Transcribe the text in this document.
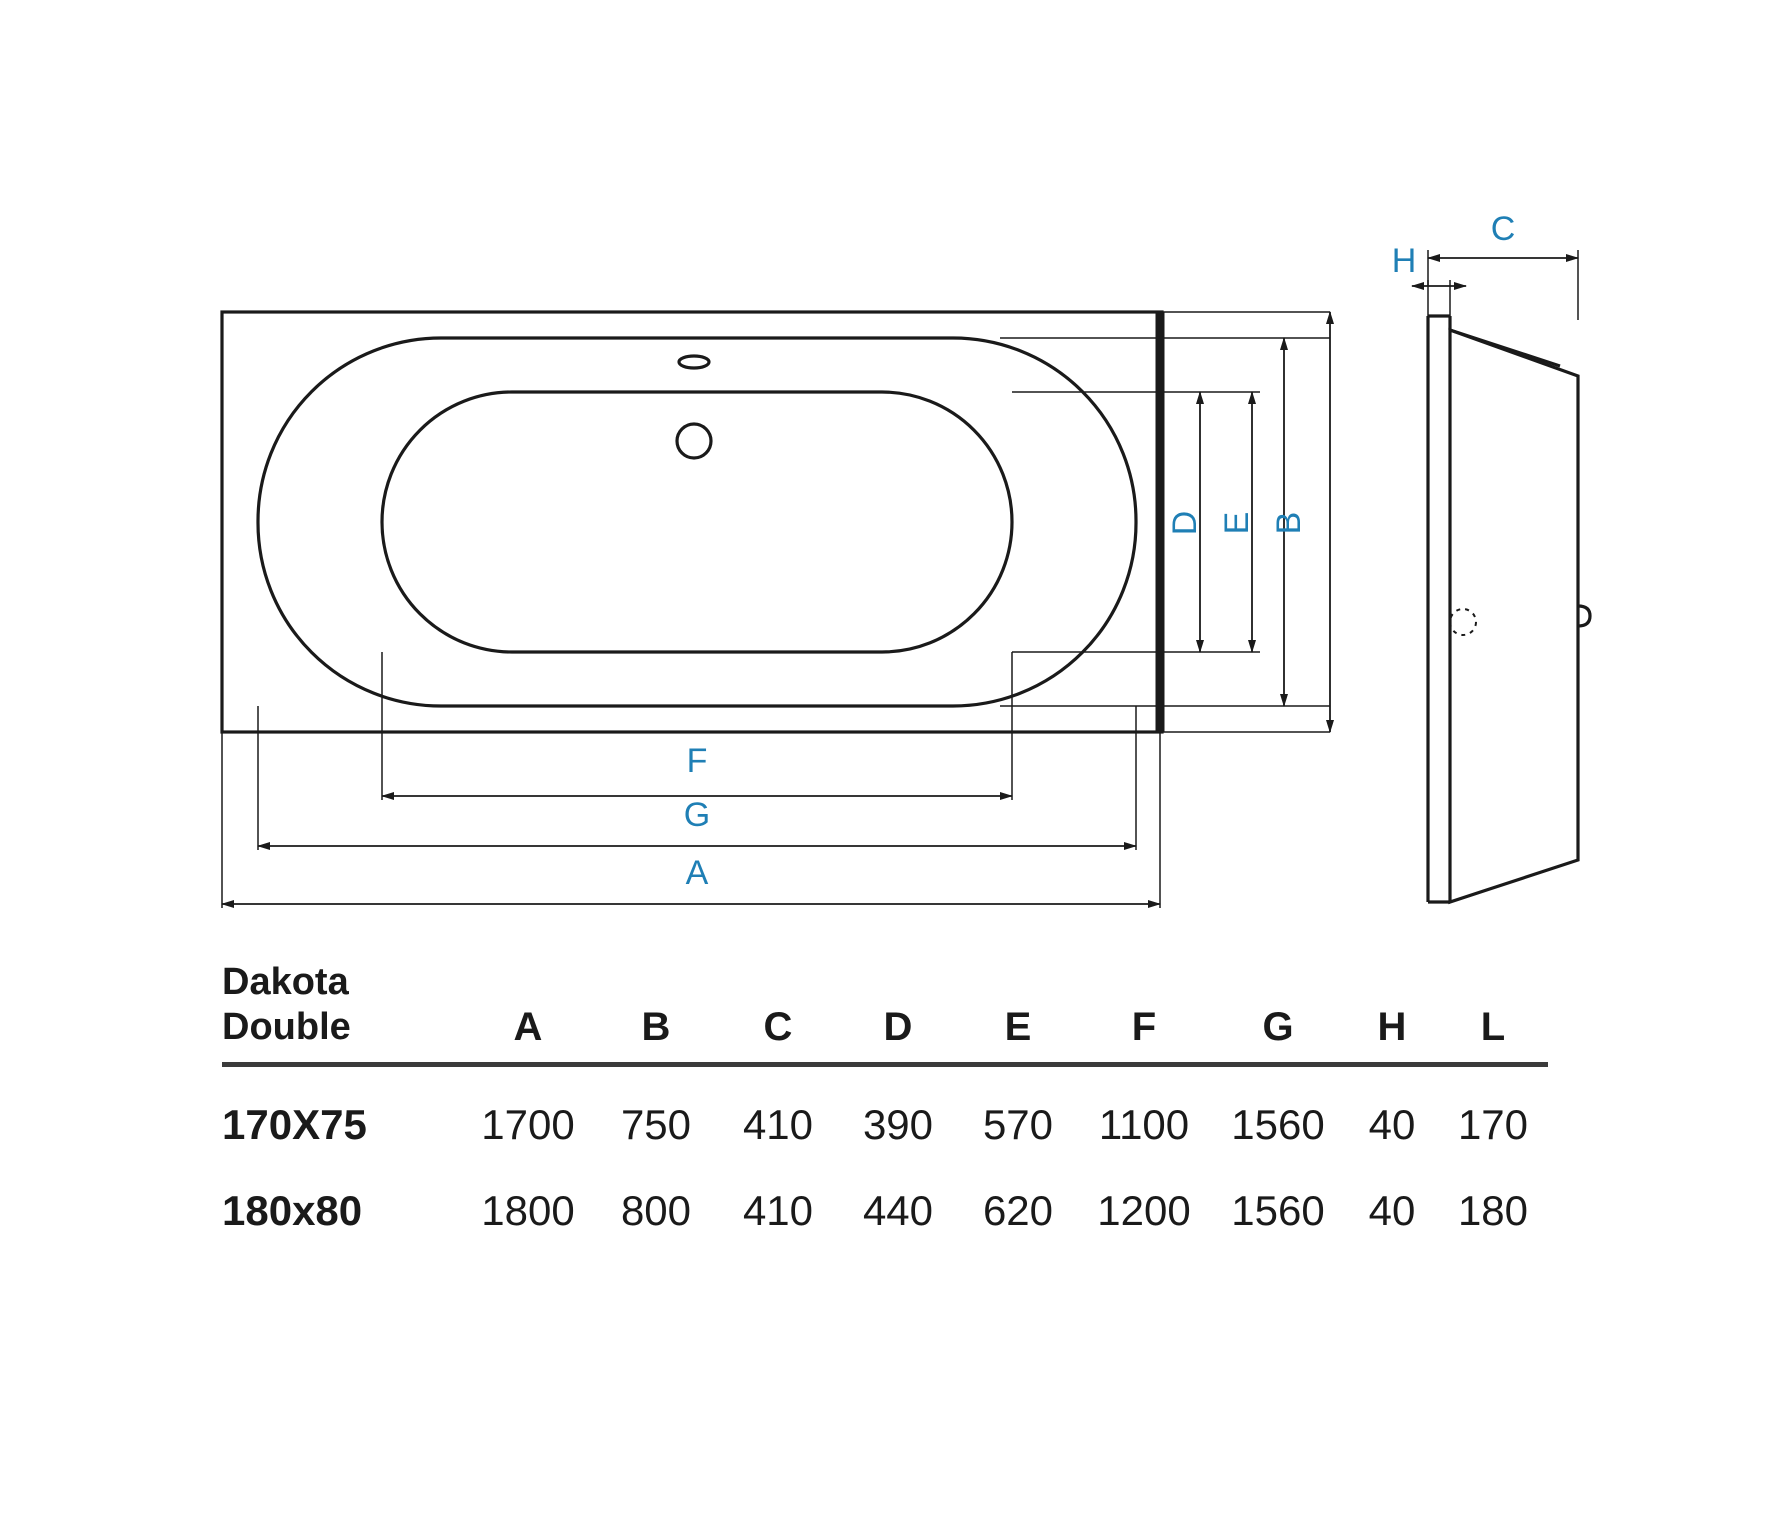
D E B
F
G
A
H
C
Dakota
Double	A	B	C	D	E	F	G	H	L
170X75	1700	750	410	390	570	1100	1560	40	170
180x80	1800	800	410	440	620	1200	1560	40	180
